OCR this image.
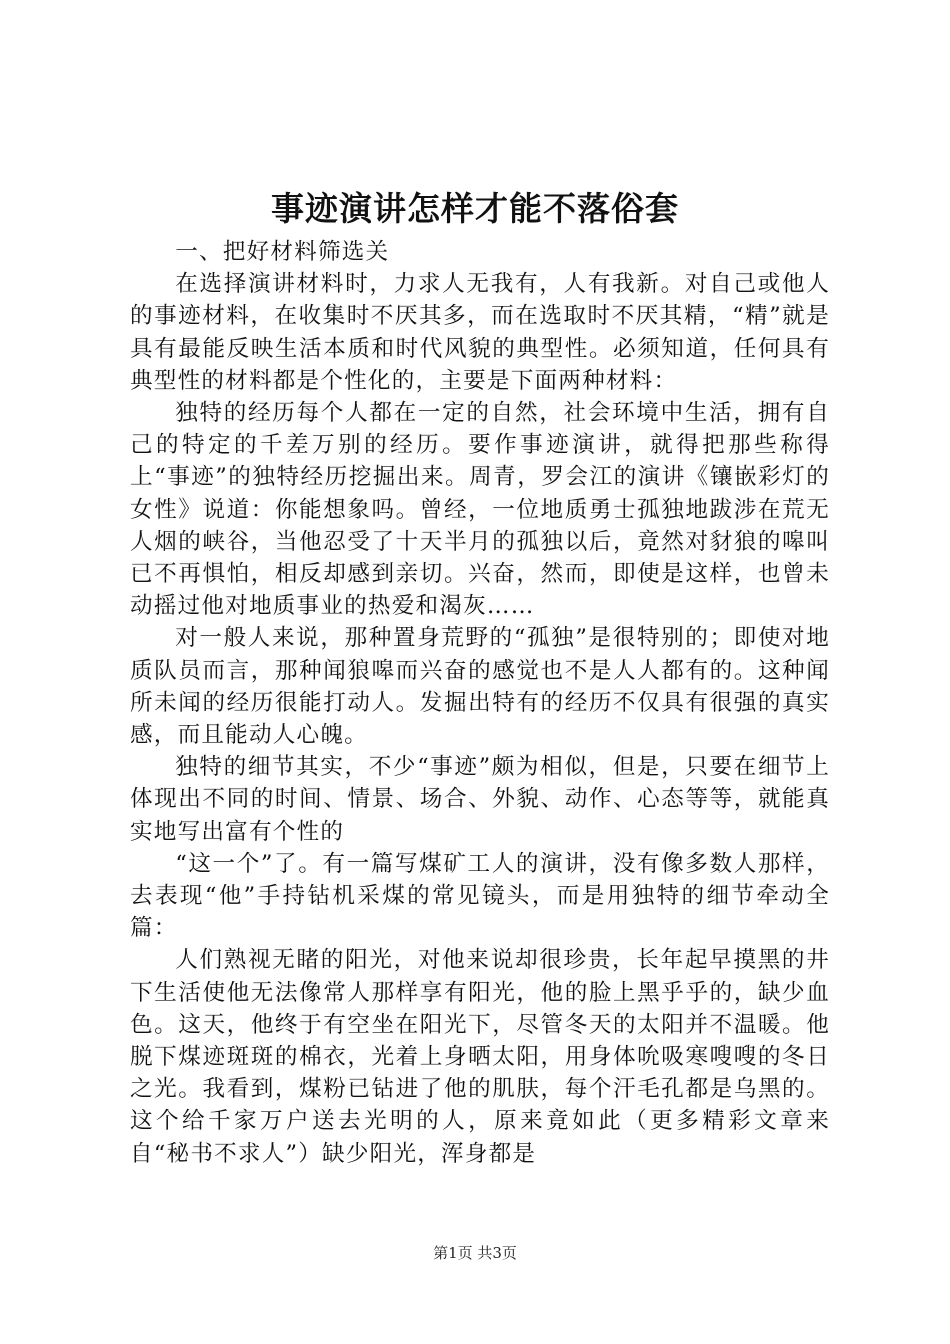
事迹演讲怎样才能不落俗套

一、把好材料筛选关

在选择演讲材料时，力求人无我有，人有我新。对自己或他人的事迹材料，在收集时不厌其多，而在选取时不厌其精，“精”就是具有最能反映生活本质和时代风貌的典型性。必须知道，任何具有典型性的材料都是个性化的，主要是下面两种材料：

独特的经历每个人都在一定的自然，社会环境中生活，拥有自己的特定的千差万别的经历。要作事迹演讲，就得把那些称得上“事迹”的独特经历挖掘出来。周青，罗会江的演讲《镶嵌彩灯的女性》说道：你能想象吗。曾经，一位地质勇士孤独地跋涉在荒无人烟的峡谷，当他忍受了十天半月的孤独以后，竟然对豺狼的嗥叫已不再惧怕，相反却感到亲切。兴奋，然而，即使是这样，也曾未动摇过他对地质事业的热爱和渴灰……

对一般人来说，那种置身荒野的“孤独”是很特别的；即使对地质队员而言，那种闻狼嗥而兴奋的感觉也不是人人都有的。这种闻所未闻的经历很能打动人。发掘出特有的经历不仅具有很强的真实感，而且能动人心魄。

独特的细节其实，不少“事迹”颇为相似，但是，只要在细节上体现出不同的时间、情景、场合、外貌、动作、心态等等，就能真实地写出富有个性的

“这一个”了。有一篇写煤矿工人的演讲，没有像多数人那样，去表现“他”手持钻机采煤的常见镜头，而是用独特的细节牵动全篇：

人们熟视无睹的阳光，对他来说却很珍贵，长年起早摸黑的井下生活使他无法像常人那样享有阳光，他的脸上黑乎乎的，缺少血色。这天，他终于有空坐在阳光下，尽管冬天的太阳并不温暖。他脱下煤迹斑斑的棉衣，光着上身晒太阳，用身体吮吸寒嗖嗖的冬日之光。我看到，煤粉已钻进了他的肌肤，每个汗毛孔都是乌黑的。这个给千家万户送去光明的人，原来竟如此（更多精彩文章来自“秘书不求人”）缺少阳光，浑身都是

第1页 共3页
